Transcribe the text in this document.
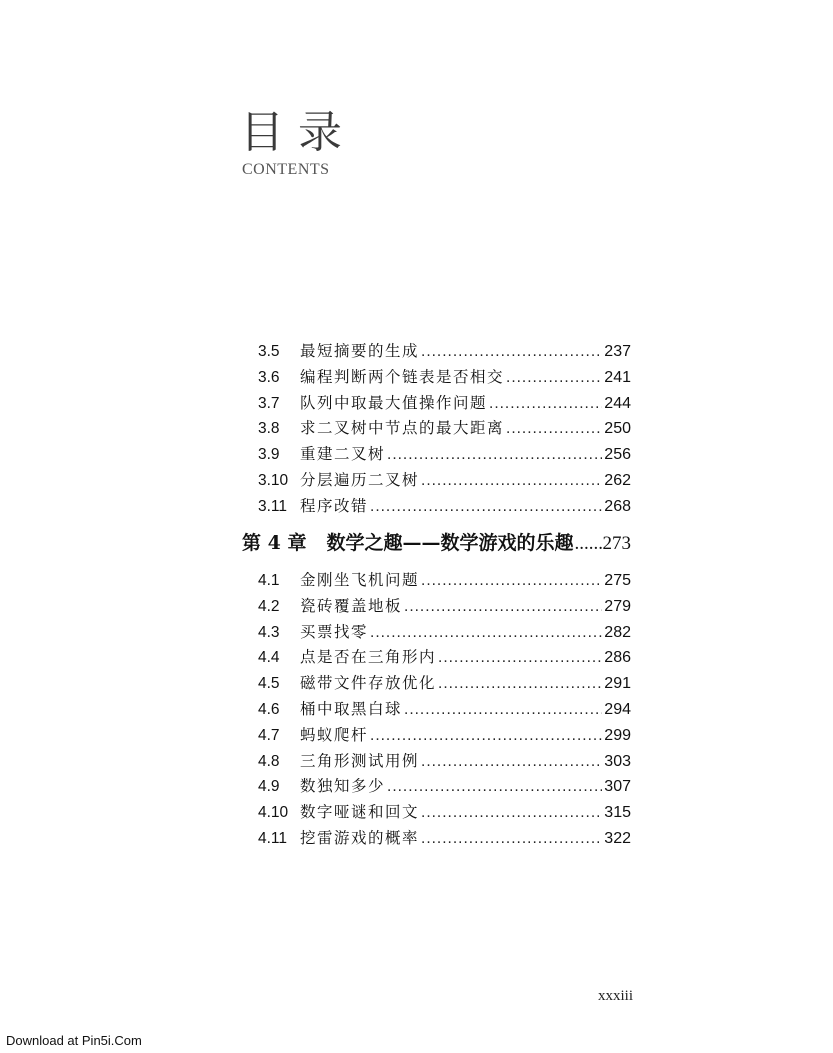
目录
CONTENTS
3.5	最短摘要的生成 .....	237
3.6	编程判断两个链表是否相交 .....	241
3.7	队列中取最大值操作问题 .....	244
3.8	求二叉树中节点的最大距离 .....	250
3.9	重建二叉树 .....	256
3.10 分层遍历二叉树 .....	262
3.11 程序改错 .....	268
第 4 章 数学之趣——数学游戏的乐趣 ..... 273
4.1	金刚坐飞机问题 .....	275
4.2	瓷砖覆盖地板 .....	279
4.3	买票找零 .....	282
4.4	点是否在三角形内 .....	286
4.5	磁带文件存放优化 .....	291
4.6	桶中取黑白球 .....	294
4.7	蚂蚁爬杆 .....	299
4.8	三角形测试用例 .....	303
4.9	数独知多少 .....	307
4.10 数字哑谜和回文 .....	315
4.11 挖雷游戏的概率 .....	322
xxxiii
Download at Pin5i.Com
